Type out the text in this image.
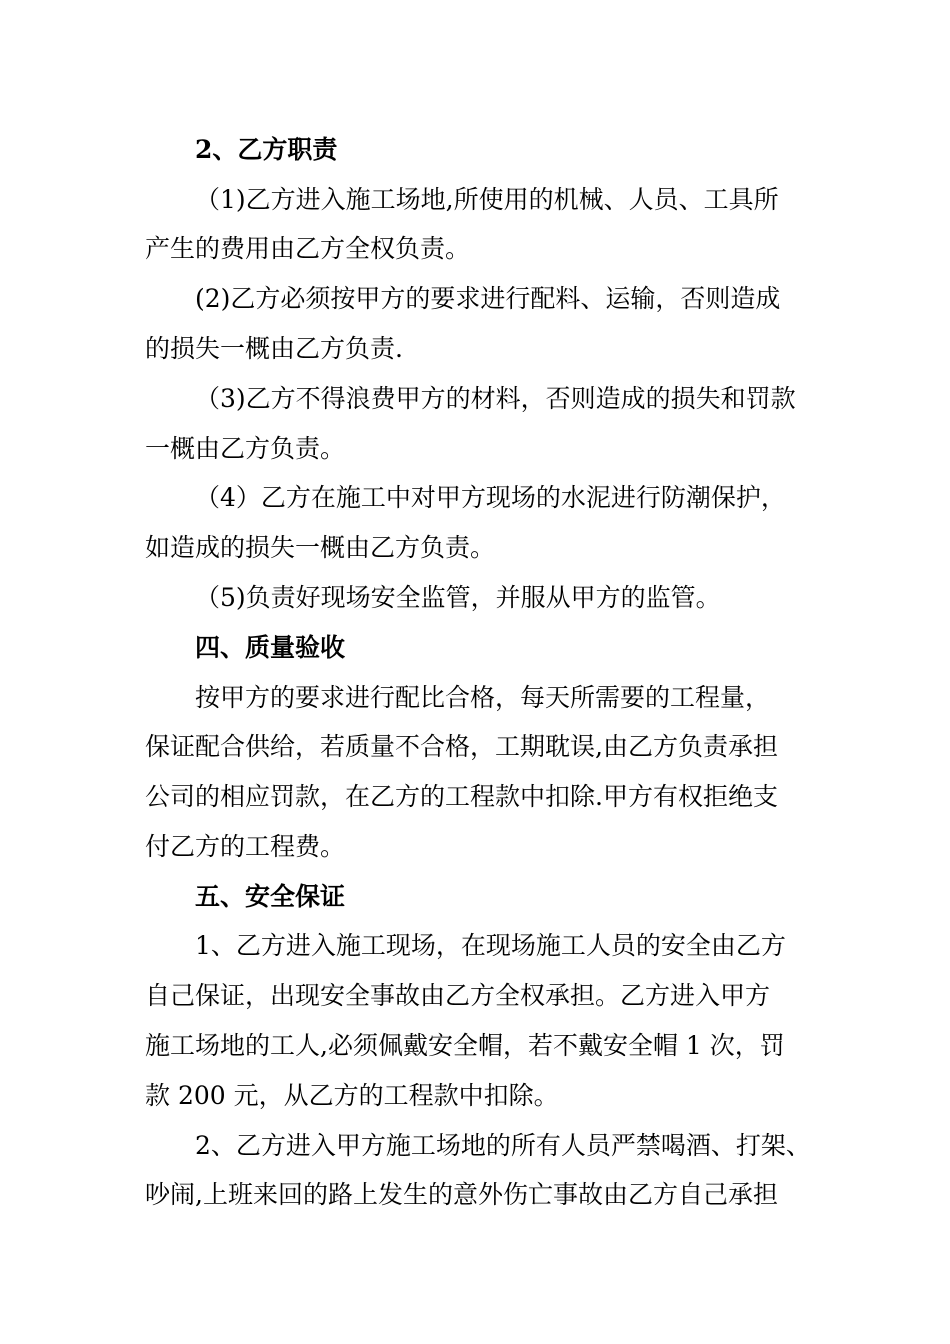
2、乙方职责
（1)乙方进入施工场地,所使用的机械、人员、工具所
产生的费用由乙方全权负责。
(2)乙方必须按甲方的要求进行配料、运输，否则造成
的损失一概由乙方负责.
（3)乙方不得浪费甲方的材料，否则造成的损失和罚款
一概由乙方负责。
（4）乙方在施工中对甲方现场的水泥进行防潮保护，
如造成的损失一概由乙方负责。
（5)负责好现场安全监管，并服从甲方的监管。
四、质量验收
按甲方的要求进行配比合格，每天所需要的工程量，
保证配合供给，若质量不合格，工期耽误,由乙方负责承担
公司的相应罚款，在乙方的工程款中扣除.甲方有权拒绝支
付乙方的工程费。
五、安全保证
1、乙方进入施工现场，在现场施工人员的安全由乙方
自己保证，出现安全事故由乙方全权承担。乙方进入甲方
施工场地的工人,必须佩戴安全帽，若不戴安全帽 1 次，罚
款 200 元，从乙方的工程款中扣除。
2、乙方进入甲方施工场地的所有人员严禁喝酒、打架、
吵闹,上班来回的路上发生的意外伤亡事故由乙方自己承担
